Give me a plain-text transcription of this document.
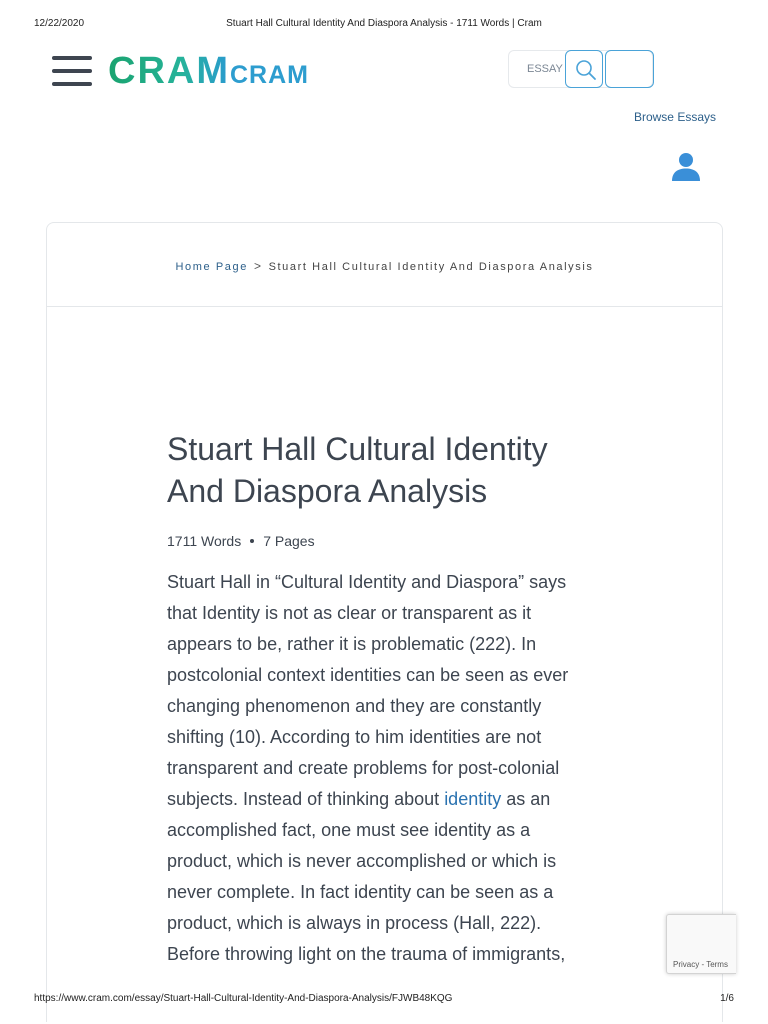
12/22/2020	Stuart Hall Cultural Identity And Diaspora Analysis - 1711 Words | Cram
CRAMCRAM
ESSAY
Browse Essays
Home Page > Stuart Hall Cultural Identity And Diaspora Analysis
Stuart Hall Cultural Identity And Diaspora Analysis
1711 Words 7 Pages

Stuart Hall in “Cultural Identity and Diaspora” says that Identity is not as clear or transparent as it appears to be, rather it is problematic (222). In postcolonial context identities can be seen as ever changing phenomenon and they are constantly shifting (10). According to him identities are not transparent and create problems for post-colonial subjects. Instead of thinking about identity as an accomplished fact, one must see identity as a product, which is never accomplished or which is never complete. In fact identity can be seen as a product, which is always in process (Hall, 222). Before throwing light on the trauma of immigrants,

Privacy - Terms
https://www.cram.com/essay/Stuart-Hall-Cultural-Identity-And-Diaspora-Analysis/FJWB48KQG	1/6
